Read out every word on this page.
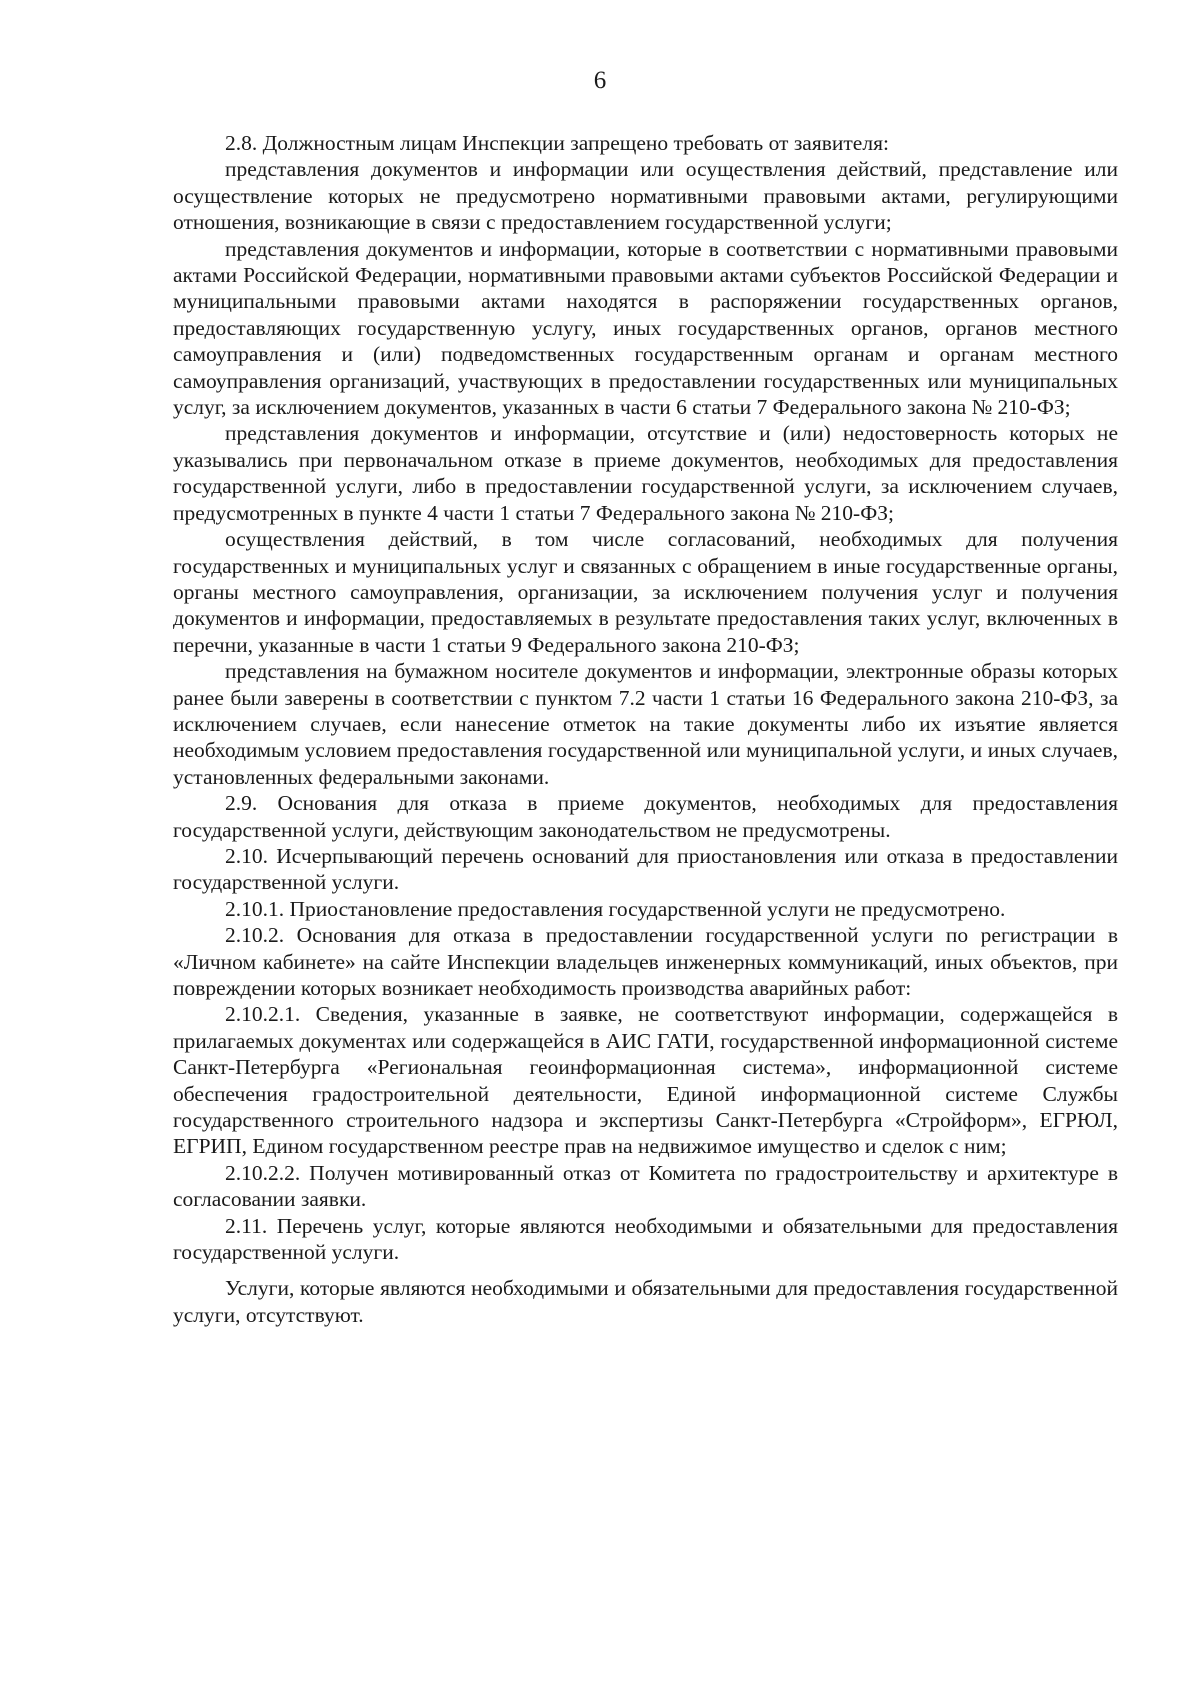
6

2.8. Должностным лицам Инспекции запрещено требовать от заявителя:

представления документов и информации или осуществления действий, представление или осуществление которых не предусмотрено нормативными правовыми актами, регулирующими отношения, возникающие в связи с предоставлением государственной услуги;

представления документов и информации, которые в соответствии с нормативными правовыми актами Российской Федерации, нормативными правовыми актами субъектов Российской Федерации и муниципальными правовыми актами находятся в распоряжении государственных органов, предоставляющих государственную услугу, иных государственных органов, органов местного самоуправления и (или) подведомственных государственным органам и органам местного самоуправления организаций, участвующих в предоставлении государственных или муниципальных услуг, за исключением документов, указанных в части 6 статьи 7 Федерального закона № 210-ФЗ;

представления документов и информации, отсутствие и (или) недостоверность которых не указывались при первоначальном отказе в приеме документов, необходимых для предоставления государственной услуги, либо в предоставлении государственной услуги, за исключением случаев, предусмотренных в пункте 4 части 1 статьи 7 Федерального закона № 210-ФЗ;

осуществления действий, в том числе согласований, необходимых для получения государственных и муниципальных услуг и связанных с обращением в иные государственные органы, органы местного самоуправления, организации, за исключением получения услуг и получения документов и информации, предоставляемых в результате предоставления таких услуг, включенных в перечни, указанные в части 1 статьи 9 Федерального закона 210-ФЗ;

представления на бумажном носителе документов и информации, электронные образы которых ранее были заверены в соответствии с пунктом 7.2 части 1 статьи 16 Федерального закона 210-ФЗ, за исключением случаев, если нанесение отметок на такие документы либо их изъятие является необходимым условием предоставления государственной или муниципальной услуги, и иных случаев, установленных федеральными законами.

2.9. Основания для отказа в приеме документов, необходимых для предоставления государственной услуги, действующим законодательством не предусмотрены.

2.10. Исчерпывающий перечень оснований для приостановления или отказа в предоставлении государственной услуги.

2.10.1. Приостановление предоставления государственной услуги не предусмотрено.

2.10.2. Основания для отказа в предоставлении государственной услуги по регистрации в «Личном кабинете» на сайте Инспекции владельцев инженерных коммуникаций, иных объектов, при повреждении которых возникает необходимость производства аварийных работ:

2.10.2.1. Сведения, указанные в заявке, не соответствуют информации, содержащейся в прилагаемых документах или содержащейся в АИС ГАТИ, государственной информационной системе Санкт-Петербурга «Региональная геоинформационная система», информационной системе обеспечения градостроительной деятельности, Единой информационной системе Службы государственного строительного надзора и экспертизы Санкт-Петербурга «Стройформ», ЕГРЮЛ, ЕГРИП, Едином государственном реестре прав на недвижимое имущество и сделок с ним;

2.10.2.2. Получен мотивированный отказ от Комитета по градостроительству и архитектуре в согласовании заявки.

2.11. Перечень услуг, которые являются необходимыми и обязательными для предоставления государственной услуги.

Услуги, которые являются необходимыми и обязательными для предоставления государственной услуги, отсутствуют.
